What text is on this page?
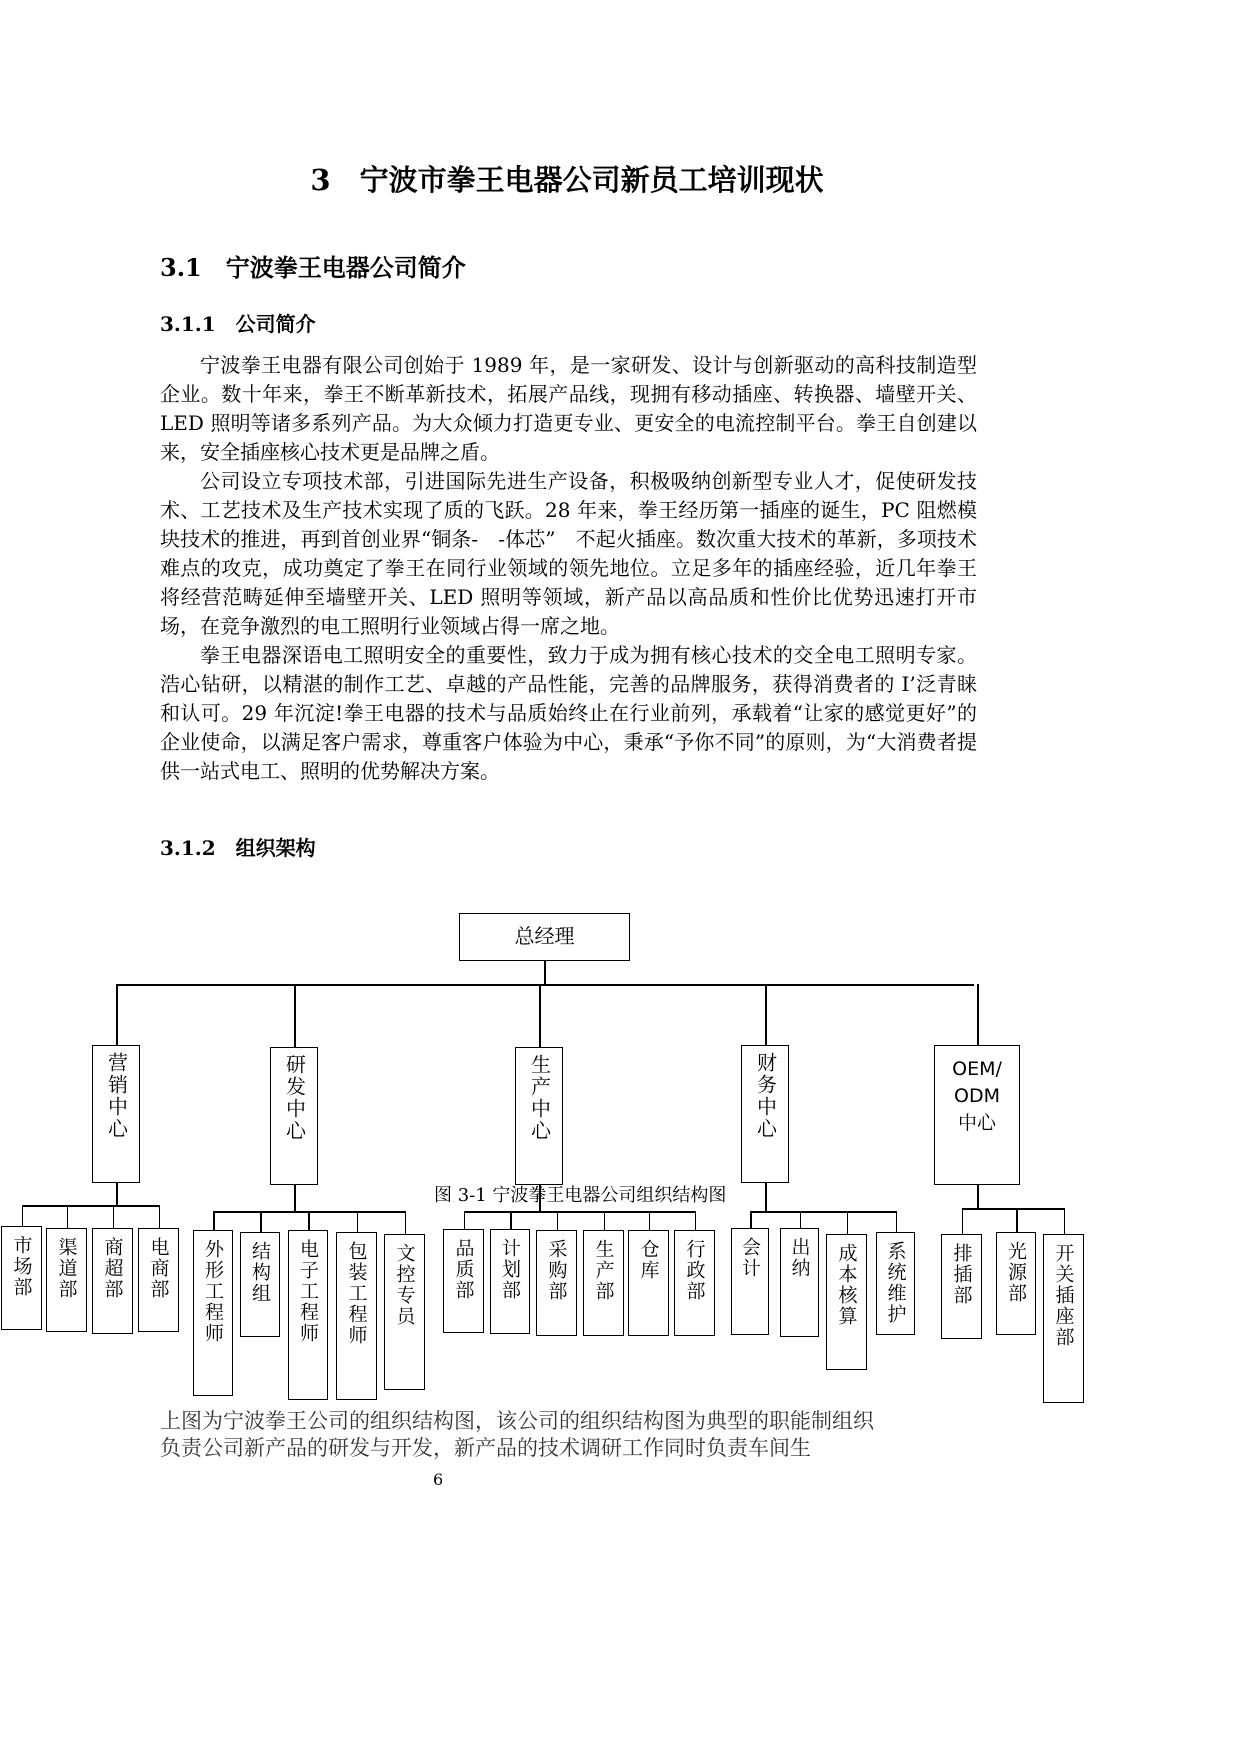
3　宁波市拳王电器公司新员工培训现状
3.1　宁波拳王电器公司简介
3.1.1　公司简介

宁波拳王电器有限公司创始于 1989 年，是一家研发、设计与创新驱动的高科技制造型企业。数十年来，拳王不断革新技术，拓展产品线，现拥有移动插座、转换器、墙壁开关、LED 照明等诸多系列产品。为大众倾力打造更专业、更安全的电流控制平台。拳王自创建以来，安全插座核心技术更是品牌之盾。

公司设立专项技术部，引进国际先进生产设备，积极吸纳创新型专业人才，促使研发技术、工艺技术及生产技术实现了质的飞跃。28 年来，拳王经历第一插座的诞生，PC 阻燃模块技术的推进，再到首创业界“铜条-　-体芯”　不起火插座。数次重大技术的革新，多项技术难点的攻克，成功奠定了拳王在同行业领域的领先地位。立足多年的插座经验，近几年拳王将经营范畴延伸至墙壁开关、LED 照明等领域，新产品以高品质和性价比优势迅速打开市场，在竞争激烈的电工照明行业领域占得一席之地。

拳王电器深语电工照明安全的重要性，致力于成为拥有核心技术的交全电工照明专家。浩心钻研，以精湛的制作工艺、卓越的产品性能，完善的品牌服务，获得消费者的 I’泛青睐和认可。29 年沉淀!拳王电器的技术与品质始终止在行业前列，承载着“让家的感觉更好”的企业使命，以满足客户需求，尊重客户体验为中心，秉承“予你不同”的原则，为“大消费者提供一站式电工、照明的优势解决方案。

3.1.2　组织架构
总经理
营销中心
市场部 渠道部 商超部 电商部
研发中心
外形工程师 结构组 电子工程师 包装工程师 文控专员
生产中心
品质部 计划部 采购部 生产部 仓库 行政部
财务中心
会计 出纳 成本核算 系统维护
OEM/
ODM
中心
排插部 光源部 开关插座部
图 3-1 宁波拳王电器公司组织结构图
上图为宁波拳王公司的组织结构图，该公司的组织结构图为典型的职能制组织
负责公司新产品的研发与开发，新产品的技术调研工作同时负责车间生
6
